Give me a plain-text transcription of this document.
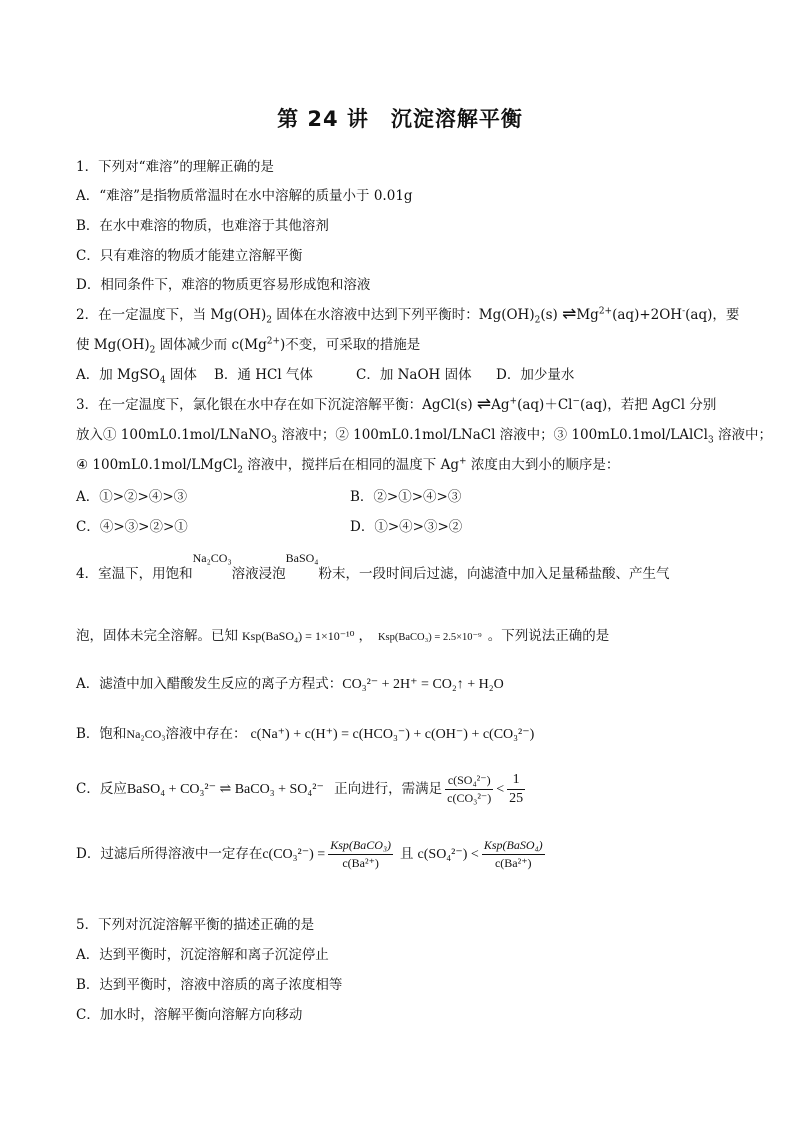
第 24 讲　沉淀溶解平衡
1．下列对“难溶”的理解正确的是
A．“难溶”是指物质常温时在水中溶解的质量小于 0.01g
B．在水中难溶的物质，也难溶于其他溶剂
C．只有难溶的物质才能建立溶解平衡
D．相同条件下，难溶的物质更容易形成饱和溶液
2．在一定温度下，当 $Mg(OH)_2$ 固体在水溶液中达到下列平衡时：$Mg(OH)_2(s)$ $\rightleftharpoons Mg^{2+}(aq)+2OH^-(aq)$，要
使 $Mg(OH)_2$ 固体减少而 $c(Mg^{2+})$不变，可采取的措施是
A．加 MgSO$_4$ 固体 B．通 HCl 气体	C．加 NaOH 固体 D．加少量水
3．在一定温度下，氯化银在水中存在如下沉淀溶解平衡：AgCl(s) ⇌Ag+(aq)＋Cl−(aq)，若把 AgCl 分别
放入① 100mL0.1mol/LNaNO$_3$ 溶液中；② 100mL0.1mol/LNaCl 溶液中；③ 100mL0.1mol/LAlCl$_3$ 溶液中；
④ 100mL0.1mol/LMgCl$_2$ 溶液中，搅拌后在相同的温度下 Ag+ 浓度由大到小的顺序是：
A．①>②>④>③	B．②>①>④>③
C．④>③>②>①	D．①>④>③>②
4．室温下，用饱和Na₂CO₃溶液浸泡BaSO₄粉末，一段时间后过滤，向滤渣中加入足量稀盐酸、产生气
泡，固体未完全溶解。已知 Ksp(BaSO₄) = 1×10⁻¹⁰ ， Ksp(BaCO₃) = 2.5×10⁻⁹ 。下列说法正确的是
A．滤渣中加入醋酸发生反应的离子方程式：CO₃²⁻ + 2H⁺ = CO₂↑ + H₂O
B．饱和Na₂CO₃溶液中存在： c(Na⁺) + c(H⁺) = c(HCO₃⁻) + c(OH⁻) + c(CO₃²⁻)
C．反应BaSO₄ + CO₃²⁻ ⇌ BaCO₃ + SO₄²⁻ 正向进行，需满足 $\frac{\text{c(SO₄²⁻)}}{\text{c(CO₃²⁻)}} < \frac{1}{25}$
D．过滤后所得溶液中一定存在$c(CO_3^{2-}) = \frac{\text{Ksp(BaCO₃)}}{\text{c(Ba²⁺)}}$ 且 $c(SO_4^{2-}) < \frac{\text{Ksp(BaSO₄)}}{\text{c(Ba²⁺)}}$
5．下列对沉淀溶解平衡的描述正确的是
A．达到平衡时，沉淀溶解和离子沉淀停止
B．达到平衡时，溶液中溶质的离子浓度相等
C．加水时，溶解平衡向溶解方向移动
